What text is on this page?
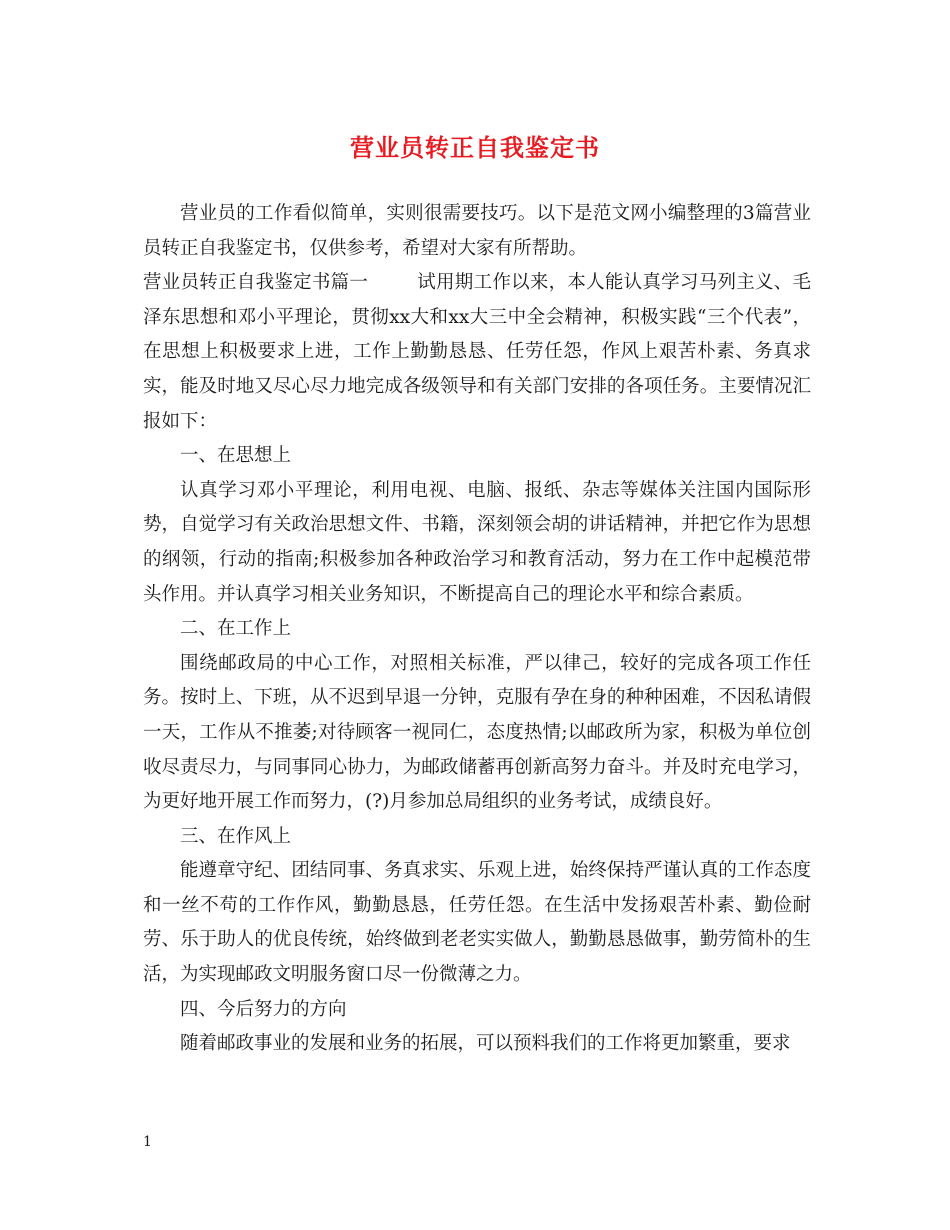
营业员转正自我鉴定书

营业员的工作看似简单，实则很需要技巧。以下是范文网小编整理的3篇营业员转正自我鉴定书，仅供参考，希望对大家有所帮助。

营业员转正自我鉴定书篇一	试用期工作以来，本人能认真学习马列主义、毛泽东思想和邓小平理论，贯彻xx大和xx大三中全会精神，积极实践“三个代表”，在思想上积极要求上进，工作上勤勤恳恳、任劳任怨，作风上艰苦朴素、务真求实，能及时地又尽心尽力地完成各级领导和有关部门安排的各项任务。主要情况汇报如下：

一、在思想上

认真学习邓小平理论，利用电视、电脑、报纸、杂志等媒体关注国内国际形势，自觉学习有关政治思想文件、书籍，深刻领会胡的讲话精神，并把它作为思想的纲领，行动的指南;积极参加各种政治学习和教育活动，努力在工作中起模范带头作用。并认真学习相关业务知识，不断提高自己的理论水平和综合素质。

二、在工作上

围绕邮政局的中心工作，对照相关标准，严以律己，较好的完成各项工作任务。按时上、下班，从不迟到早退一分钟，克服有孕在身的种种困难，不因私请假一天，工作从不推萎;对待顾客一视同仁，态度热情;以邮政所为家，积极为单位创收尽责尽力，与同事同心协力，为邮政储蓄再创新高努力奋斗。并及时充电学习，为更好地开展工作而努力，(?)月参加总局组织的业务考试，成绩良好。

三、在作风上

能遵章守纪、团结同事、务真求实、乐观上进，始终保持严谨认真的工作态度和一丝不苟的工作作风，勤勤恳恳，任劳任怨。在生活中发扬艰苦朴素、勤俭耐劳、乐于助人的优良传统，始终做到老老实实做人，勤勤恳恳做事，勤劳简朴的生活，为实现邮政文明服务窗口尽一份微薄之力。

四、今后努力的方向

随着邮政事业的发展和业务的拓展，可以预料我们的工作将更加繁重，要求

1
